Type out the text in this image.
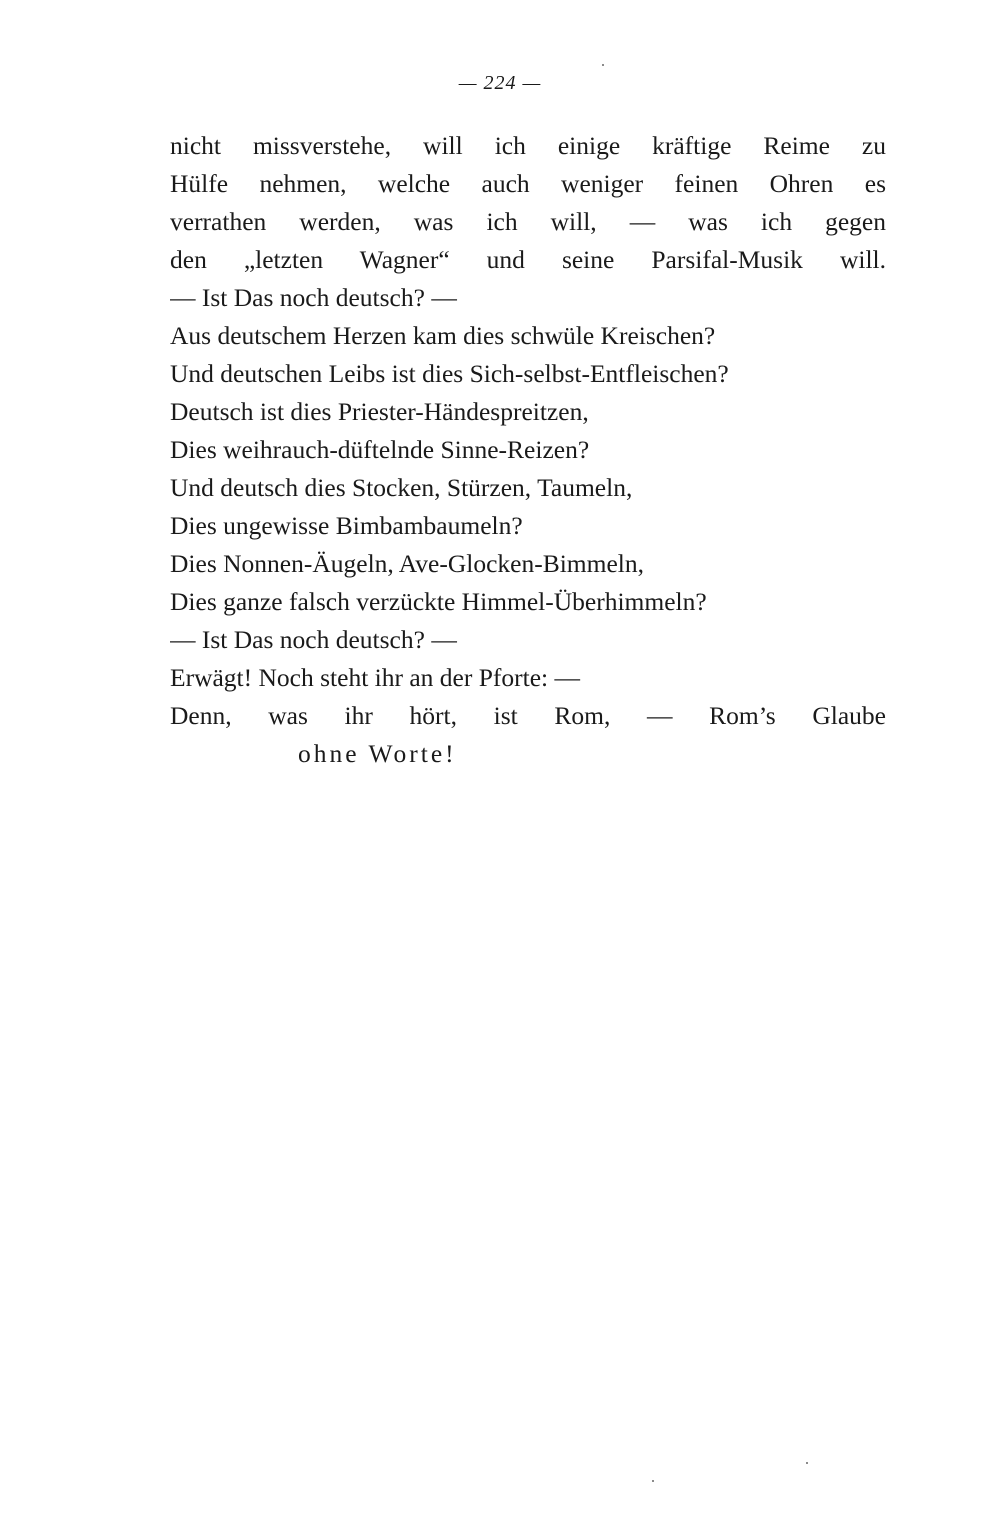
— 224 —
nicht missverstehe, will ich einige kräftige Reime zu
Hülfe nehmen, welche auch weniger feinen Ohren es
verrathen werden, was ich will, — was ich gegen
den „letzten Wagner“ und seine Parsifal-Musik will.
— Ist Das noch deutsch? —
Aus deutschem Herzen kam dies schwüle Kreischen?
Und deutschen Leibs ist dies Sich-selbst-Entfleischen?
Deutsch ist dies Priester-Händespreitzen,
Dies weihrauch-düftelnde Sinne-Reizen?
Und deutsch dies Stocken, Stürzen, Taumeln,
Dies ungewisse Bimbambaumeln?
Dies Nonnen-Äugeln, Ave-Glocken-Bimmeln,
Dies ganze falsch verzückte Himmel-Überhimmeln?
— Ist Das noch deutsch? —
Erwägt! Noch steht ihr an der Pforte: —
Denn, was ihr hört, ist Rom, — Rom’s Glaube
ohne Worte!
